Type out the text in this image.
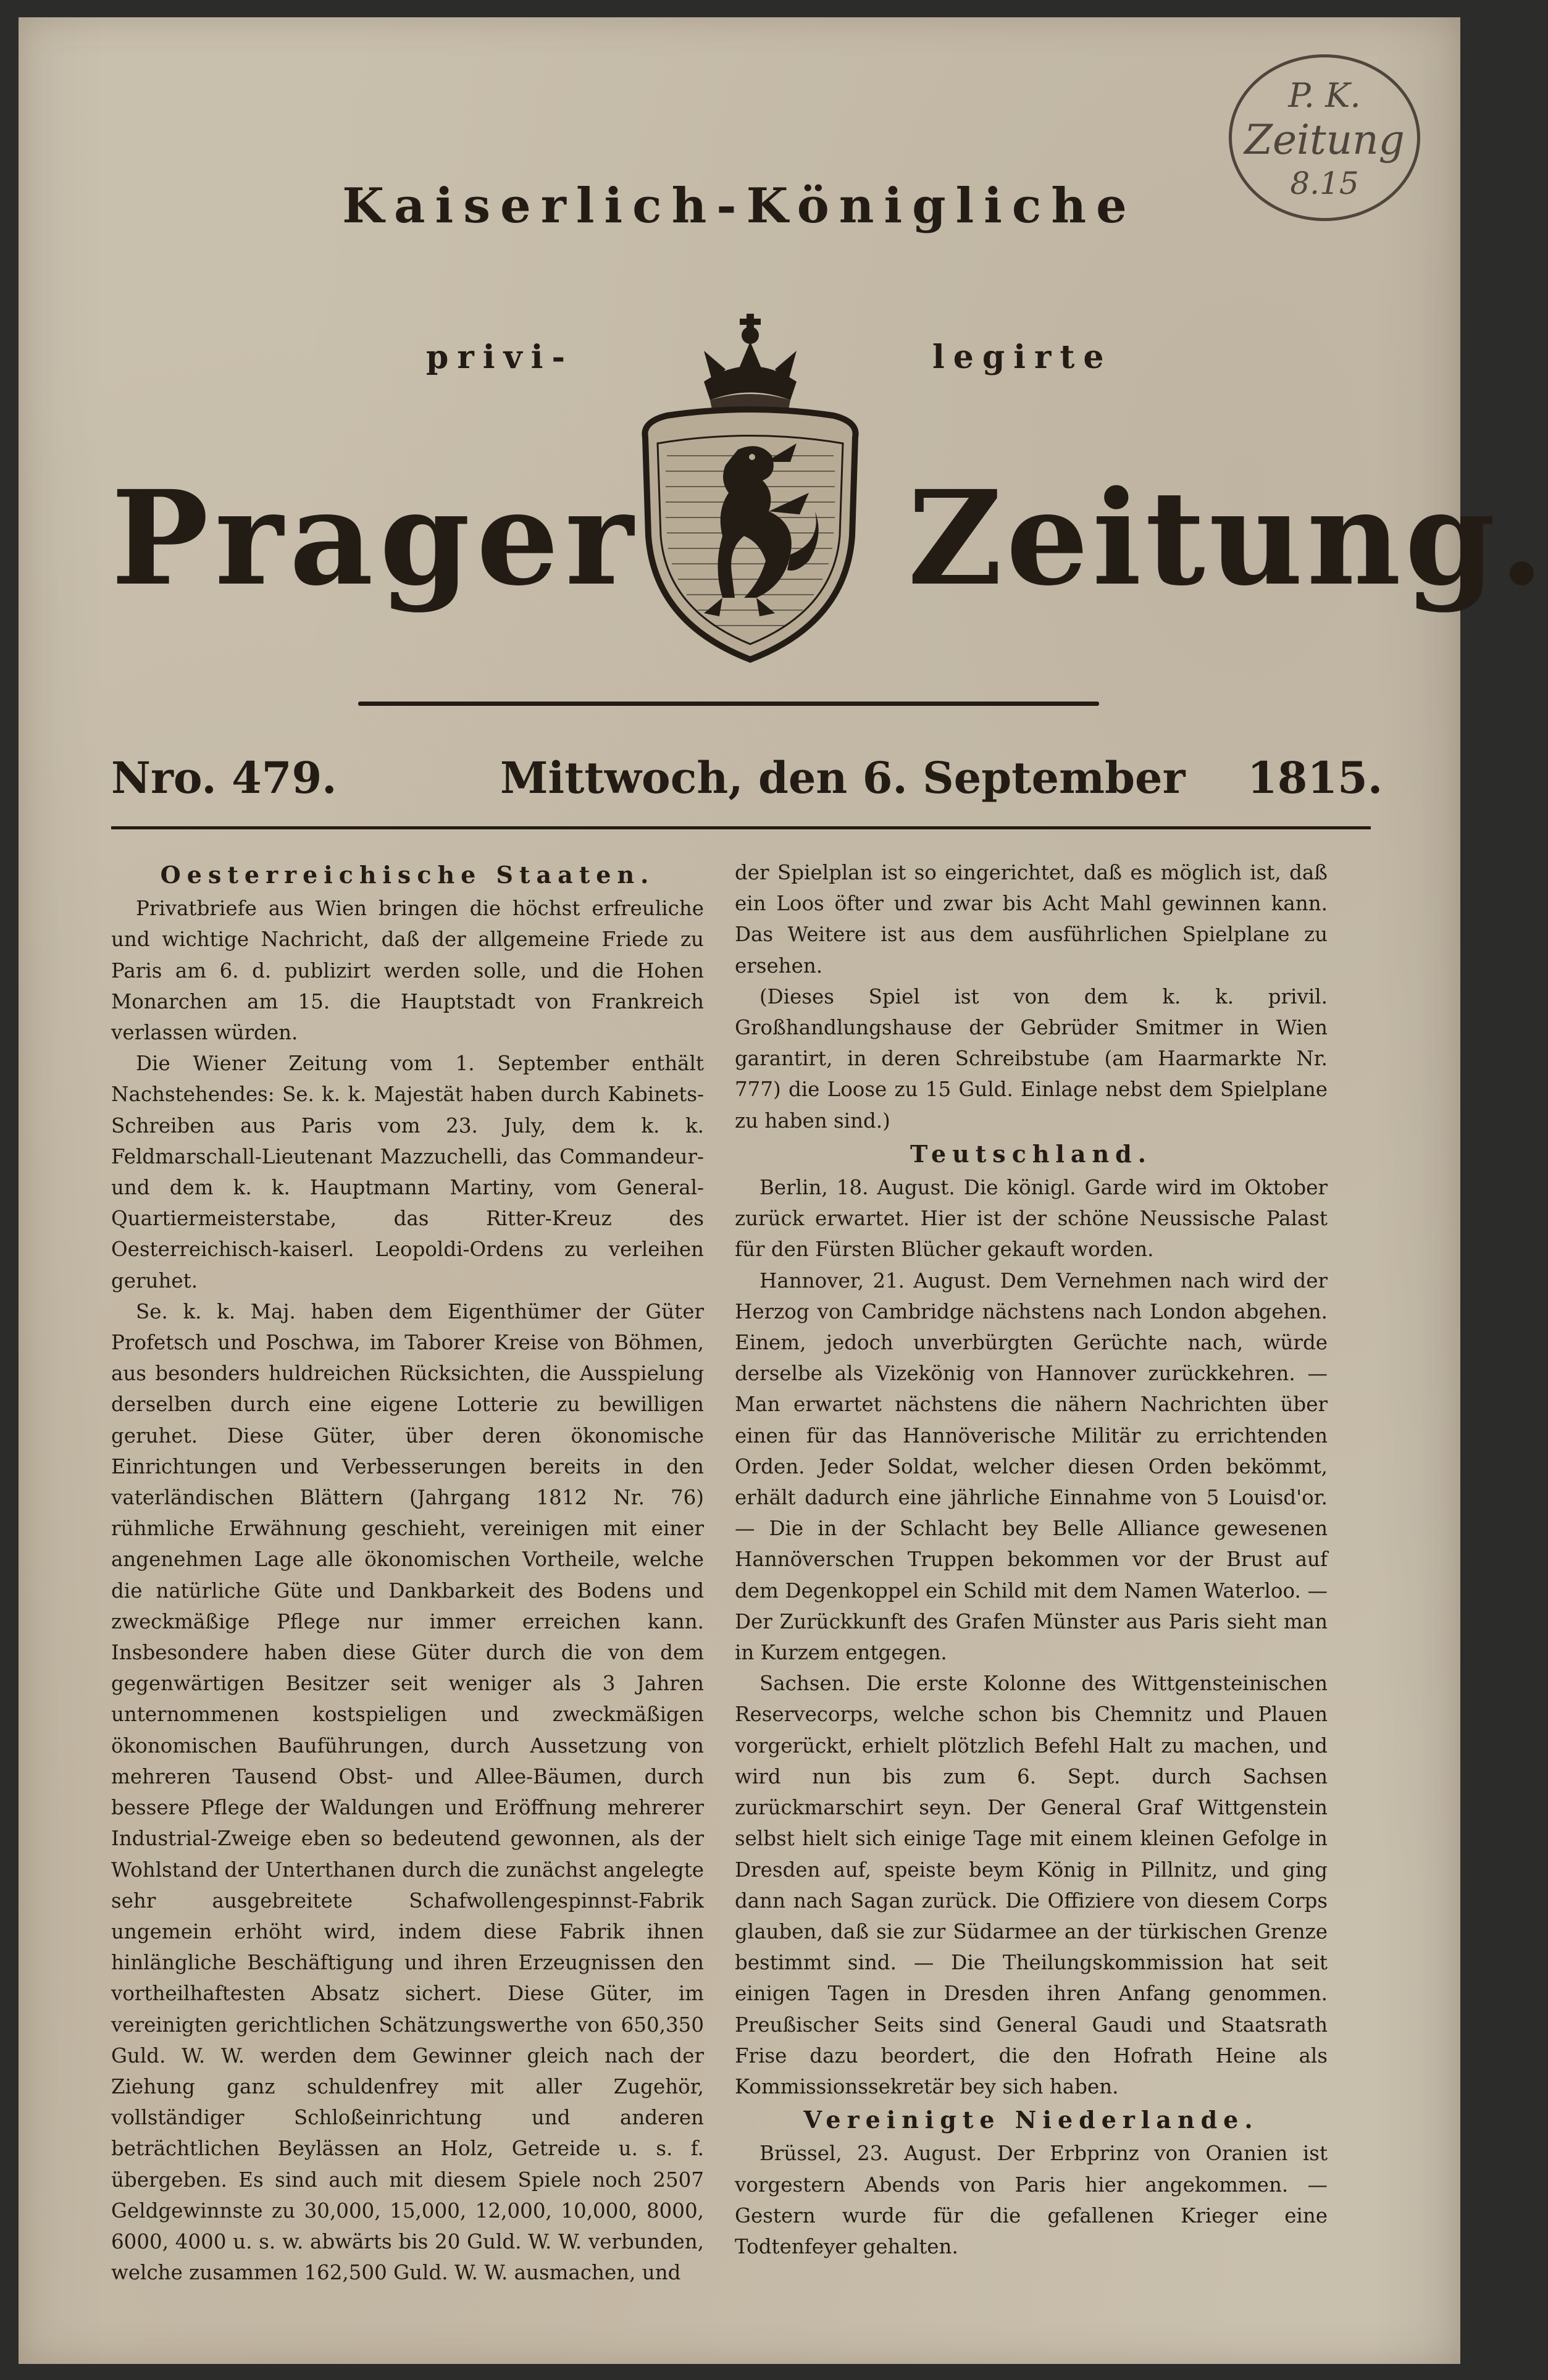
P. K.
Zeitung
8.15
Kaiserlich-Königliche
privi-	legirte
Prager Zeitung.
Nro. 479.	Mittwoch, den 6. September 1815.
Oesterreichische Staaten.

Privatbriefe aus Wien bringen die höchst erfreuliche und wichtige Nachricht, daß der allgemeine Friede zu Paris am 6. d. publizirt werden solle, und die Hohen Monarchen am 15. die Hauptstadt von Frankreich verlassen würden.

Die Wiener Zeitung vom 1. September enthält Nachstehendes: Se. k. k. Majestät haben durch Kabinets-Schreiben aus Paris vom 23. July, dem k. k. Feldmarschall-Lieutenant Mazzuchelli, das Commandeur- und dem k. k. Hauptmann Martiny, vom General-Quartiermeisterstabe, das Ritter-Kreuz des Oesterreichisch-kaiserl. Leopoldi-Ordens zu verleihen geruhet.

Se. k. k. Maj. haben dem Eigenthümer der Güter Profetsch und Poschwa, im Taborer Kreise von Böhmen, aus besonders huldreichen Rücksichten, die Ausspielung derselben durch eine eigene Lotterie zu bewilligen geruhet. Diese Güter, über deren ökonomische Einrichtungen und Verbesserungen bereits in den vaterländischen Blättern (Jahrgang 1812 Nr. 76) rühmliche Erwähnung geschieht, vereinigen mit einer angenehmen Lage alle ökonomischen Vortheile, welche die natürliche Güte und Dankbarkeit des Bodens und zweckmäßige Pflege nur immer erreichen kann. Insbesondere haben diese Güter durch die von dem gegenwärtigen Besitzer seit weniger als 3 Jahren unternommenen kostspieligen und zweckmäßigen ökonomischen Bauführungen, durch Aussetzung von mehreren Tausend Obst- und Allee-Bäumen, durch bessere Pflege der Waldungen und Eröffnung mehrerer Industrial-Zweige eben so bedeutend gewonnen, als der Wohlstand der Unterthanen durch die zunächst angelegte sehr ausgebreitete Schafwollengespinnst-Fabrik ungemein erhöht wird, indem diese Fabrik ihnen hinlängliche Beschäftigung und ihren Erzeugnissen den vortheilhaftesten Absatz sichert. Diese Güter, im vereinigten gerichtlichen Schätzungswerthe von 650,350 Guld. W. W. werden dem Gewinner gleich nach der Ziehung ganz schuldenfrey mit aller Zugehör, vollständiger Schloßeinrichtung und anderen beträchtlichen Beylässen an Holz, Getreide u. s. f. übergeben. Es sind auch mit diesem Spiele noch 2507 Geldgewinnste zu 30,000, 15,000, 12,000, 10,000, 8000, 6000, 4000 u. s. w. abwärts bis 20 Guld. W. W. verbunden, welche zusammen 162,500 Guld. W. W. ausmachen, und

der Spielplan ist so eingerichtet, daß es möglich ist, daß ein Loos öfter und zwar bis Acht Mahl gewinnen kann. Das Weitere ist aus dem ausführlichen Spielplane zu ersehen.

(Dieses Spiel ist von dem k. k. privil. Großhandlungshause der Gebrüder Smitmer in Wien garantirt, in deren Schreibstube (am Haarmarkte Nr. 777) die Loose zu 15 Guld. Einlage nebst dem Spielplane zu haben sind.)

Teutschland.

Berlin, 18. August. Die königl. Garde wird im Oktober zurück erwartet. Hier ist der schöne Neussische Palast für den Fürsten Blücher gekauft worden.

Hannover, 21. August. Dem Vernehmen nach wird der Herzog von Cambridge nächstens nach London abgehen. Einem, jedoch unverbürgten Gerüchte nach, würde derselbe als Vizekönig von Hannover zurückkehren. — Man erwartet nächstens die nähern Nachrichten über einen für das Hannöverische Militär zu errichtenden Orden. Jeder Soldat, welcher diesen Orden bekömmt, erhält dadurch eine jährliche Einnahme von 5 Louisd'or. — Die in der Schlacht bey Belle Alliance gewesenen Hannöverschen Truppen bekommen vor der Brust auf dem Degenkoppel ein Schild mit dem Namen Waterloo. — Der Zurückkunft des Grafen Münster aus Paris sieht man in Kurzem entgegen.

Sachsen. Die erste Kolonne des Wittgensteinischen Reservecorps, welche schon bis Chemnitz und Plauen vorgerückt, erhielt plötzlich Befehl Halt zu machen, und wird nun bis zum 6. Sept. durch Sachsen zurückmarschirt seyn. Der General Graf Wittgenstein selbst hielt sich einige Tage mit einem kleinen Gefolge in Dresden auf, speiste beym König in Pillnitz, und ging dann nach Sagan zurück. Die Offiziere von diesem Corps glauben, daß sie zur Südarmee an der türkischen Grenze bestimmt sind. — Die Theilungskommission hat seit einigen Tagen in Dresden ihren Anfang genommen. Preußischer Seits sind General Gaudi und Staatsrath Frise dazu beordert, die den Hofrath Heine als Kommissionssekretär bey sich haben.

Vereinigte Niederlande.

Brüssel, 23. August. Der Erbprinz von Oranien ist vorgestern Abends von Paris hier angekommen. — Gestern wurde für die gefallenen Krieger eine Todtenfeyer gehalten.
